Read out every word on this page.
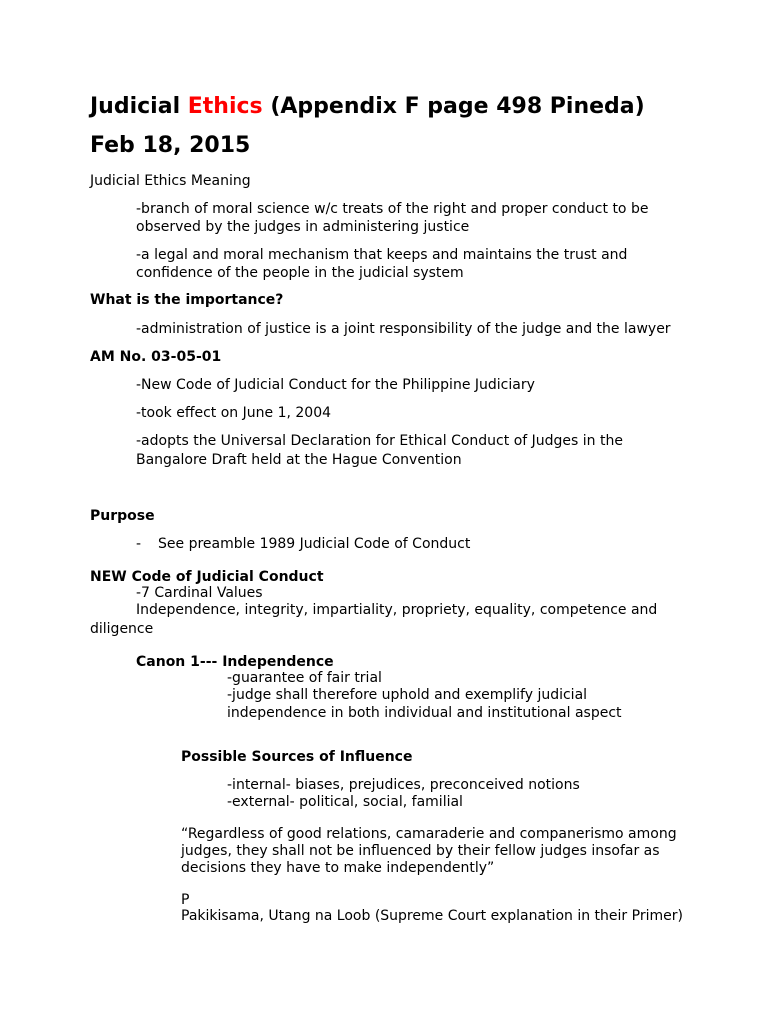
Judicial Ethics (Appendix F page 498 Pineda)
Feb 18, 2015
Judicial Ethics Meaning
-branch of moral science w/c treats of the right and proper conduct to be
observed by the judges in administering justice
-a legal and moral mechanism that keeps and maintains the trust and
confidence of the people in the judicial system
What is the importance?
-administration of justice is a joint responsibility of the judge and the lawyer
AM No. 03-05-01
-New Code of Judicial Conduct for the Philippine Judiciary
-took effect on June 1, 2004
-adopts the Universal Declaration for Ethical Conduct of Judges in the
Bangalore Draft held at the Hague Convention
Purpose
- See preamble 1989 Judicial Code of Conduct
NEW Code of Judicial Conduct
-7 Cardinal Values
Independence, integrity, impartiality, propriety, equality, competence and
diligence
Canon 1--- Independence
-guarantee of fair trial
-judge shall therefore uphold and exemplify judicial
independence in both individual and institutional aspect
Possible Sources of Influence
-internal- biases, prejudices, preconceived notions
-external- political, social, familial
“Regardless of good relations, camaraderie and companerismo among
judges, they shall not be influenced by their fellow judges insofar as
decisions they have to make independently”
P
Pakikisama, Utang na Loob (Supreme Court explanation in their Primer)
